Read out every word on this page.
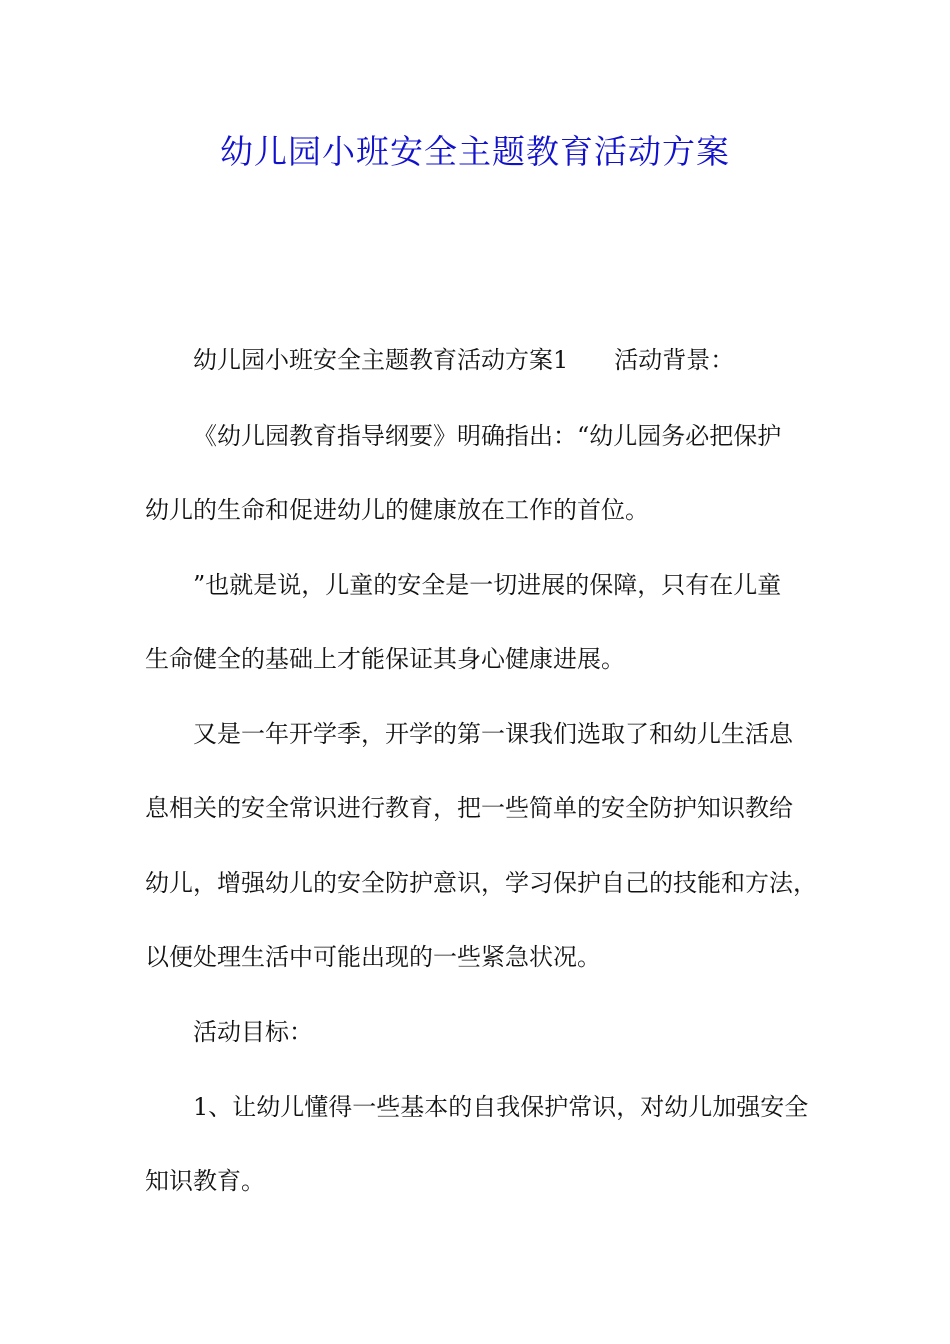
幼儿园小班安全主题教育活动方案

幼儿园小班安全主题教育活动方案1 活动背景：

《幼儿园教育指导纲要》明确指出：“幼儿园务必把保护

幼儿的生命和促进幼儿的健康放在工作的首位。

”也就是说，儿童的安全是一切进展的保障，只有在儿童

生命健全的基础上才能保证其身心健康进展。

又是一年开学季，开学的第一课我们选取了和幼儿生活息

息相关的安全常识进行教育，把一些简单的安全防护知识教给

幼儿，增强幼儿的安全防护意识，学习保护自己的技能和方法，

以便处理生活中可能出现的一些紧急状况。

活动目标：

1、让幼儿懂得一些基本的自我保护常识，对幼儿加强安全

知识教育。
